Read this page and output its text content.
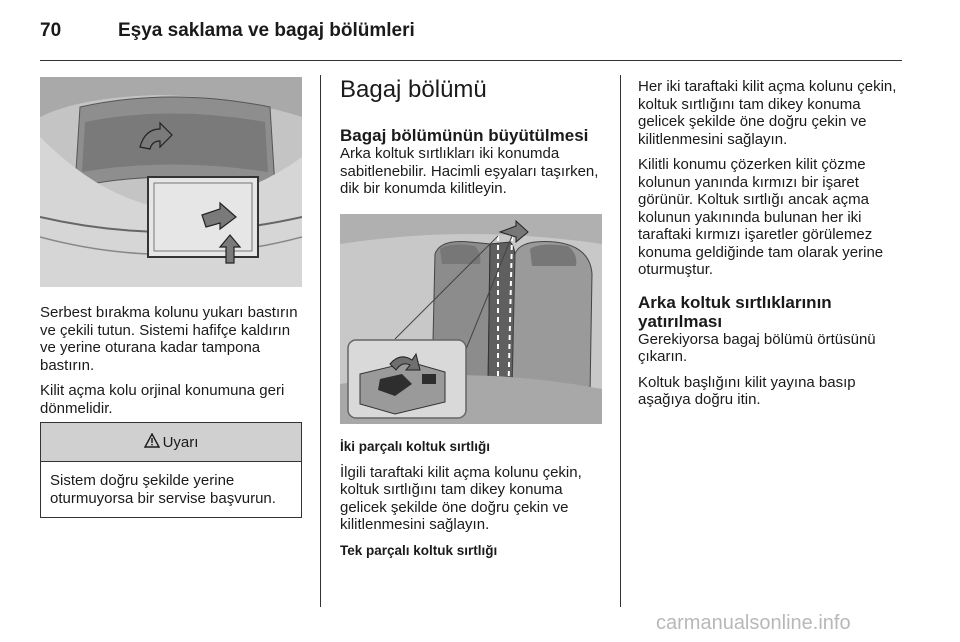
70	Eşya saklama ve bagaj bölümleri

Serbest bırakma kolunu yukarı bastırın ve çekili tutun. Sistemi hafifçe kaldırın ve yerine oturana kadar tampona bastırın.

Kilit açma kolu orjinal konumuna geri dönmelidir.

Uyarı
Sistem doğru şekilde yerine oturmuyorsa bir servise başvurun.
Bagaj bölümü
Bagaj bölümünün büyütülmesi

Arka koltuk sırtlıkları iki konumda sabitlenebilir. Hacimli eşyaları taşırken, dik bir konumda kilitleyin.

İki parçalı koltuk sırtlığı

İlgili taraftaki kilit açma kolunu çekin, koltuk sırtlığını tam dikey konuma gelicek şekilde öne doğru çekin ve kilitlenmesini sağlayın.

Tek parçalı koltuk sırtlığı

Her iki taraftaki kilit açma kolunu çekin, koltuk sırtlığını tam dikey konuma gelicek şekilde öne doğru çekin ve kilitlenmesini sağlayın.

Kilitli konumu çözerken kilit çözme kolunun yanında kırmızı bir işaret görünür. Koltuk sırtlığı ancak açma kolunun yakınında bulunan her iki taraftaki kırmızı işaretler görülemez konuma geldiğinde tam olarak yerine oturmuştur.

Arka koltuk sırtlıklarının yatırılması

Gerekiyorsa bagaj bölümü örtüsünü çıkarın.

Koltuk başlığını kilit yayına basıp aşağıya doğru itin.

carmanualsonline.info
